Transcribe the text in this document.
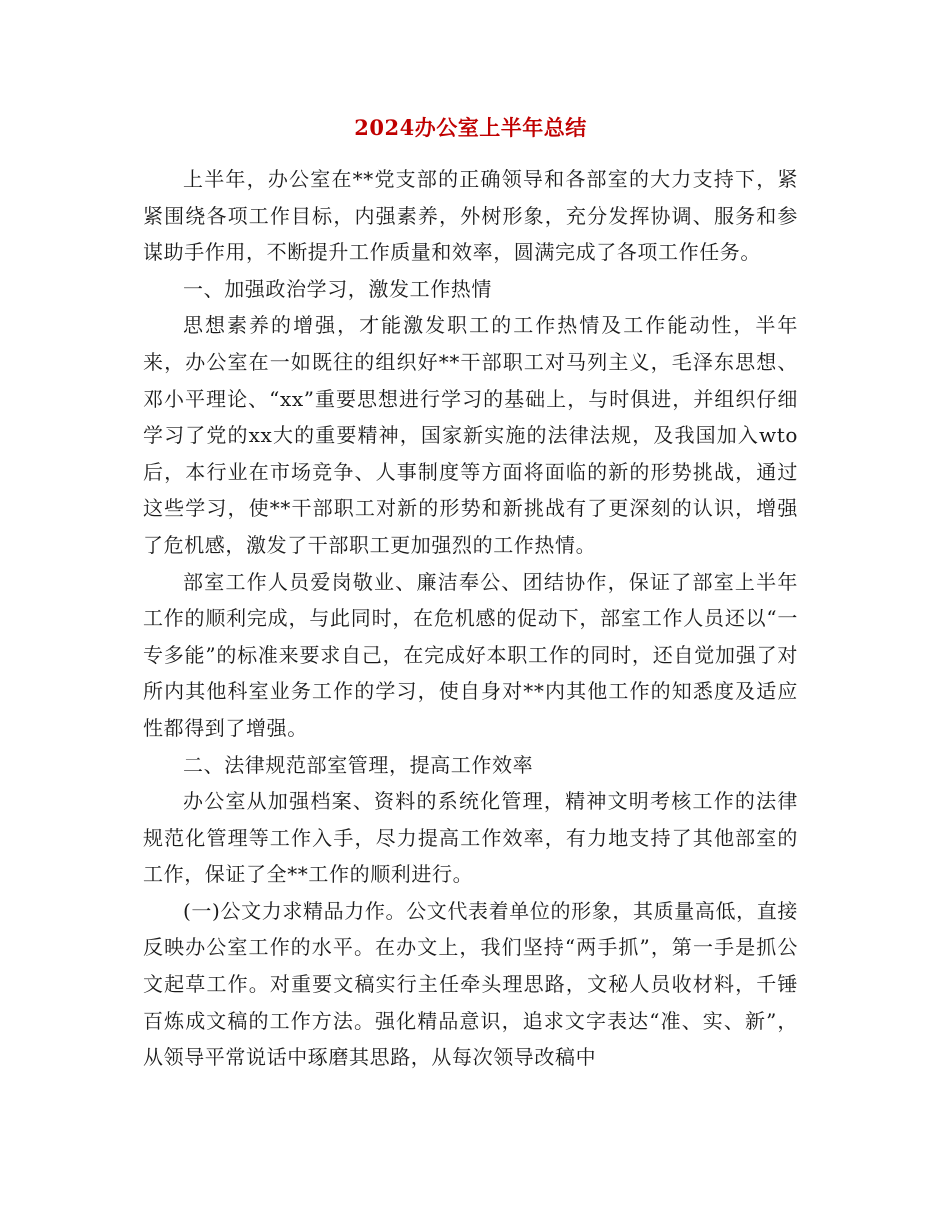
2024办公室上半年总结

上半年，办公室在**党支部的正确领导和各部室的大力支持下，紧紧围绕各项工作目标，内强素养，外树形象，充分发挥协调、服务和参谋助手作用，不断提升工作质量和效率，圆满完成了各项工作任务。

一、加强政治学习，激发工作热情

思想素养的增强，才能激发职工的工作热情及工作能动性，半年来，办公室在一如既往的组织好**干部职工对马列主义，毛泽东思想、邓小平理论、“xx”重要思想进行学习的基础上，与时俱进，并组织仔细学习了党的xx大的重要精神，国家新实施的法律法规，及我国加入wto后，本行业在市场竞争、人事制度等方面将面临的新的形势挑战，通过这些学习，使**干部职工对新的形势和新挑战有了更深刻的认识，增强了危机感，激发了干部职工更加强烈的工作热情。

部室工作人员爱岗敬业、廉洁奉公、团结协作，保证了部室上半年工作的顺利完成，与此同时，在危机感的促动下，部室工作人员还以“一专多能”的标准来要求自己，在完成好本职工作的同时，还自觉加强了对所内其他科室业务工作的学习，使自身对**内其他工作的知悉度及适应性都得到了增强。

二、法律规范部室管理，提高工作效率

办公室从加强档案、资料的系统化管理，精神文明考核工作的法律规范化管理等工作入手，尽力提高工作效率，有力地支持了其他部室的工作，保证了全**工作的顺利进行。

(一)公文力求精品力作。公文代表着单位的形象，其质量高低，直接反映办公室工作的水平。在办文上，我们坚持“两手抓”，第一手是抓公文起草工作。对重要文稿实行主任牵头理思路，文秘人员收材料，千锤百炼成文稿的工作方法。强化精品意识，追求文字表达“准、实、新”，从领导平常说话中琢磨其思路，从每次领导改稿中
